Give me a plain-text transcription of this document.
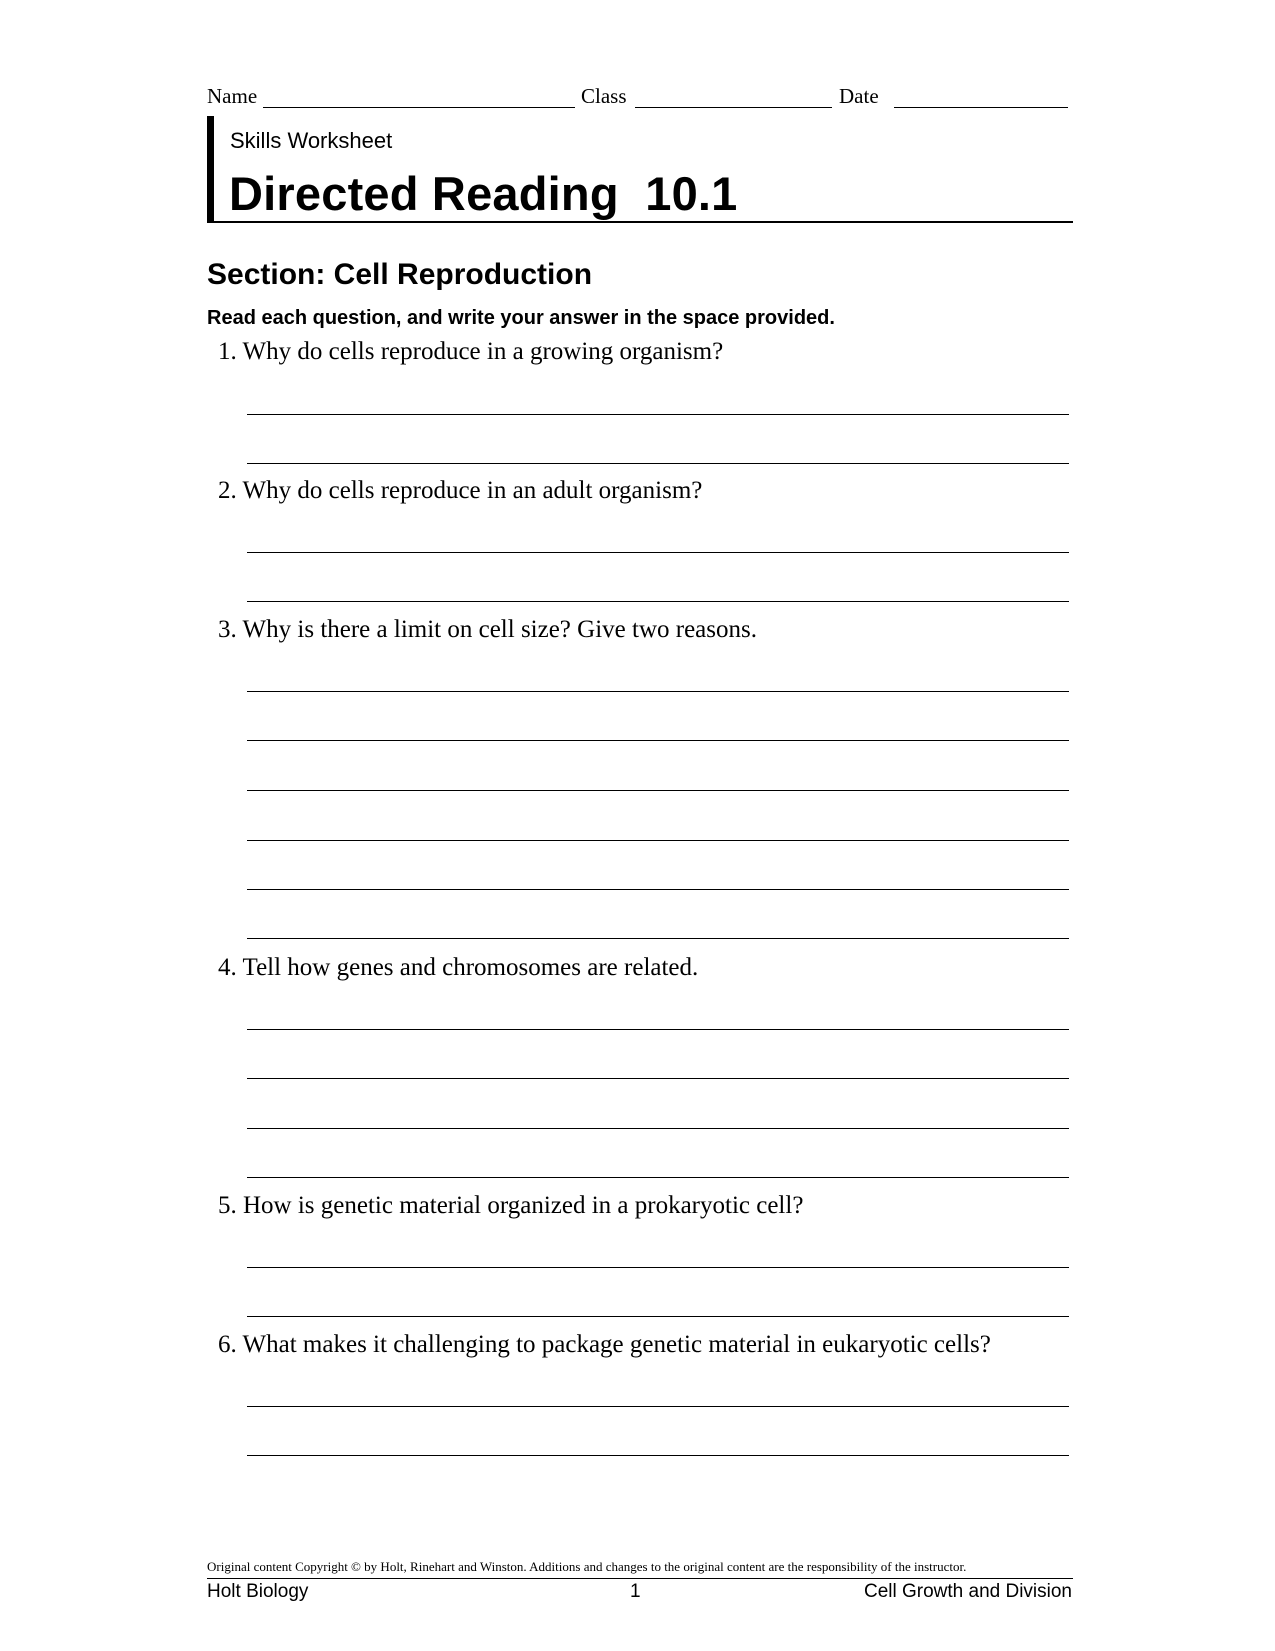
Name	Class	Date
Skills Worksheet
Directed Reading  10.1
Section: Cell Reproduction
Read each question, and write your answer in the space provided.
1. Why do cells reproduce in a growing organism?
2. Why do cells reproduce in an adult organism?
3. Why is there a limit on cell size? Give two reasons.
4. Tell how genes and chromosomes are related.
5. How is genetic material organized in a prokaryotic cell?
6. What makes it challenging to package genetic material in eukaryotic cells?
Original content Copyright © by Holt, Rinehart and Winston. Additions and changes to the original content are the responsibility of the instructor.
Holt Biology	1	Cell Growth and Division
